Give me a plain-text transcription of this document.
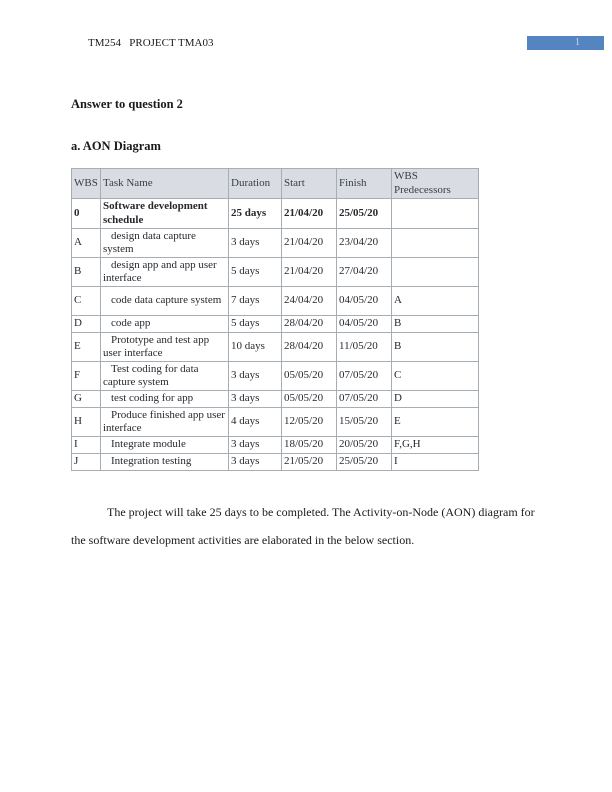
TM254   PROJECT TMA03	1
Answer to question 2
a. AON Diagram
WBS	Task Name	Duration	Start	Finish	WBS Predecessors
0	Software development schedule	25 days	21/04/20	25/05/20	
A	design data capture system	3 days	21/04/20	23/04/20	
B	design app and app user interface	5 days	21/04/20	27/04/20	
C	code data capture system	7 days	24/04/20	04/05/20	A
D	code app	5 days	28/04/20	04/05/20	B
E	Prototype and test app user interface	10 days	28/04/20	11/05/20	B
F	Test coding for data capture system	3 days	05/05/20	07/05/20	C
G	test coding for app	3 days	05/05/20	07/05/20	D
H	Produce finished app user interface	4 days	12/05/20	15/05/20	E
I	Integrate module	3 days	18/05/20	20/05/20	F,G,H
J	Integration testing	3 days	21/05/20	25/05/20	I
The project will take 25 days to be completed. The Activity-on-Node (AON) diagram for the software development activities are elaborated in the below section.
